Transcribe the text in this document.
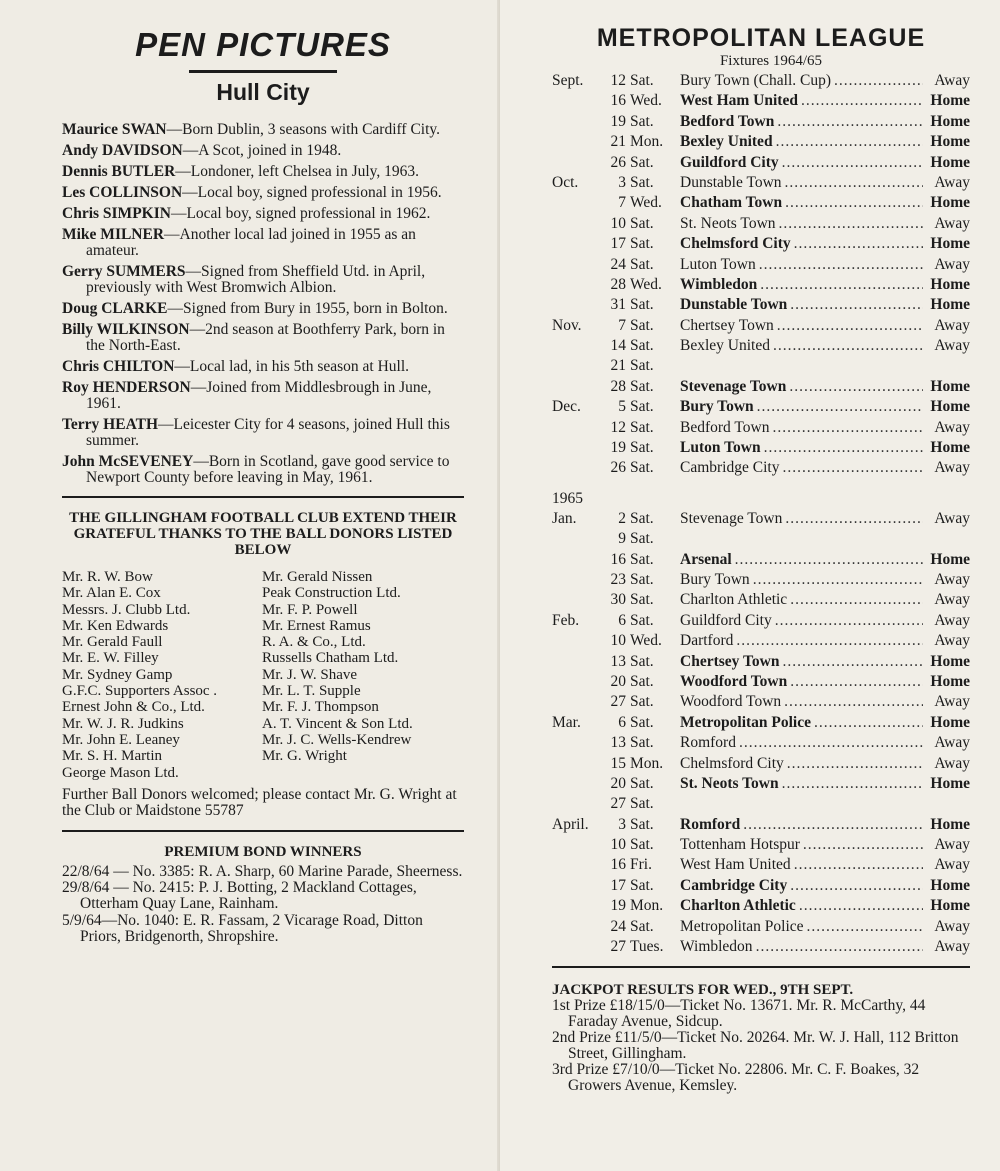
PEN PICTURES
Hull City

Maurice SWAN—Born Dublin, 3 seasons with Cardiff City.

Andy DAVIDSON—A Scot, joined in 1948.

Dennis BUTLER—Londoner, left Chelsea in July, 1963.

Les COLLINSON—Local boy, signed professional in 1956.

Chris SIMPKIN—Local boy, signed professional in 1962.

Mike MILNER—Another local lad joined in 1955 as an amateur.

Gerry SUMMERS—Signed from Sheffield Utd. in April, previously with West Bromwich Albion.

Doug CLARKE—Signed from Bury in 1955, born in Bolton.

Billy WILKINSON—2nd season at Boothferry Park, born in the North-East.

Chris CHILTON—Local lad, in his 5th season at Hull.

Roy HENDERSON—Joined from Middlesbrough in June, 1961.

Terry HEATH—Leicester City for 4 seasons, joined Hull this summer.

John McSEVENEY—Born in Scotland, gave good service to Newport County before leaving in May, 1961.

THE GILLINGHAM FOOTBALL CLUB EXTEND THEIR GRATEFUL THANKS TO THE BALL DONORS LISTED BELOW
Mr. R. W. Bow
Mr. Alan E. Cox
Messrs. J. Clubb Ltd.
Mr. Ken Edwards
Mr. Gerald Faull
Mr. E. W. Filley
Mr. Sydney Gamp
G.F.C. Supporters Assoc .
Ernest John & Co., Ltd.
Mr. W. J. R. Judkins
Mr. John E. Leaney
Mr. S. H. Martin
George Mason Ltd.
Mr. Gerald Nissen
Peak Construction Ltd.
Mr. F. P. Powell
Mr. Ernest Ramus
R. A. & Co., Ltd.
Russells Chatham Ltd.
Mr. J. W. Shave
Mr. L. T. Supple
Mr. F. J. Thompson
A. T. Vincent & Son Ltd.
Mr. J. C. Wells-Kendrew
Mr. G. Wright

Further Ball Donors welcomed; please contact Mr. G. Wright at the Club or Maidstone 55787

PREMIUM BOND WINNERS

22/8/64 — No. 3385: R. A. Sharp, 60 Marine Parade, Sheerness.

29/8/64 — No. 2415: P. J. Botting, 2 Mackland Cottages, Otterham Quay Lane, Rainham.

5/9/64—No. 1040: E. R. Fassam, 2 Vicarage Road, Ditton Priors, Bridgenorth, Shropshire.

METROPOLITAN LEAGUE
Fixtures 1964/65
Sept.	12 Sat.	Bury Town (Chall. Cup) .....	Away
16 Wed.	West Ham United .....	Home
19 Sat.	Bedford Town .....	Home
21 Mon.	Bexley United .....	Home
26 Sat.	Guildford City .....	Home
Oct.	3 Sat.	Dunstable Town .....	Away
7 Wed.	Chatham Town .....	Home
10 Sat.	St. Neots Town .....	Away
17 Sat.	Chelmsford City .....	Home
24 Sat.	Luton Town .....	Away
28 Wed.	Wimbledon .....	Home
31 Sat.	Dunstable Town .....	Home
Nov.	7 Sat.	Chertsey Town .....	Away
14 Sat.	Bexley United .....	Away
21 Sat.
28 Sat.	Stevenage Town .....	Home
Dec.	5 Sat.	Bury Town .....	Home
12 Sat.	Bedford Town .....	Away
19 Sat.	Luton Town .....	Home
26 Sat.	Cambridge City .....	Away
1965
Jan.	2 Sat.	Stevenage Town .....	Away
9 Sat.
16 Sat.	Arsenal .....	Home
23 Sat.	Bury Town .....	Away
30 Sat.	Charlton Athletic .....	Away
Feb.	6 Sat.	Guildford City .....	Away
10 Wed.	Dartford .....	Away
13 Sat.	Chertsey Town .....	Home
20 Sat.	Woodford Town .....	Home
27 Sat.	Woodford Town .....	Away
Mar.	6 Sat.	Metropolitan Police .....	Home
13 Sat.	Romford .....	Away
15 Mon.	Chelmsford City .....	Away
20 Sat.	St. Neots Town .....	Home
27 Sat.
April.	3 Sat.	Romford .....	Home
10 Sat.	Tottenham Hotspur .....	Away
16 Fri.	West Ham United .....	Away
17 Sat.	Cambridge City .....	Home
19 Mon.	Charlton Athletic .....	Home
24 Sat.	Metropolitan Police .....	Away
27 Tues.	Wimbledon .....	Away

JACKPOT RESULTS FOR WED., 9TH SEPT.

1st Prize £18/15/0—Ticket No. 13671. Mr. R. McCarthy, 44 Faraday Avenue, Sidcup.

2nd Prize £11/5/0—Ticket No. 20264. Mr. W. J. Hall, 112 Britton Street, Gillingham.

3rd Prize £7/10/0—Ticket No. 22806. Mr. C. F. Boakes, 32 Growers Avenue, Kemsley.
